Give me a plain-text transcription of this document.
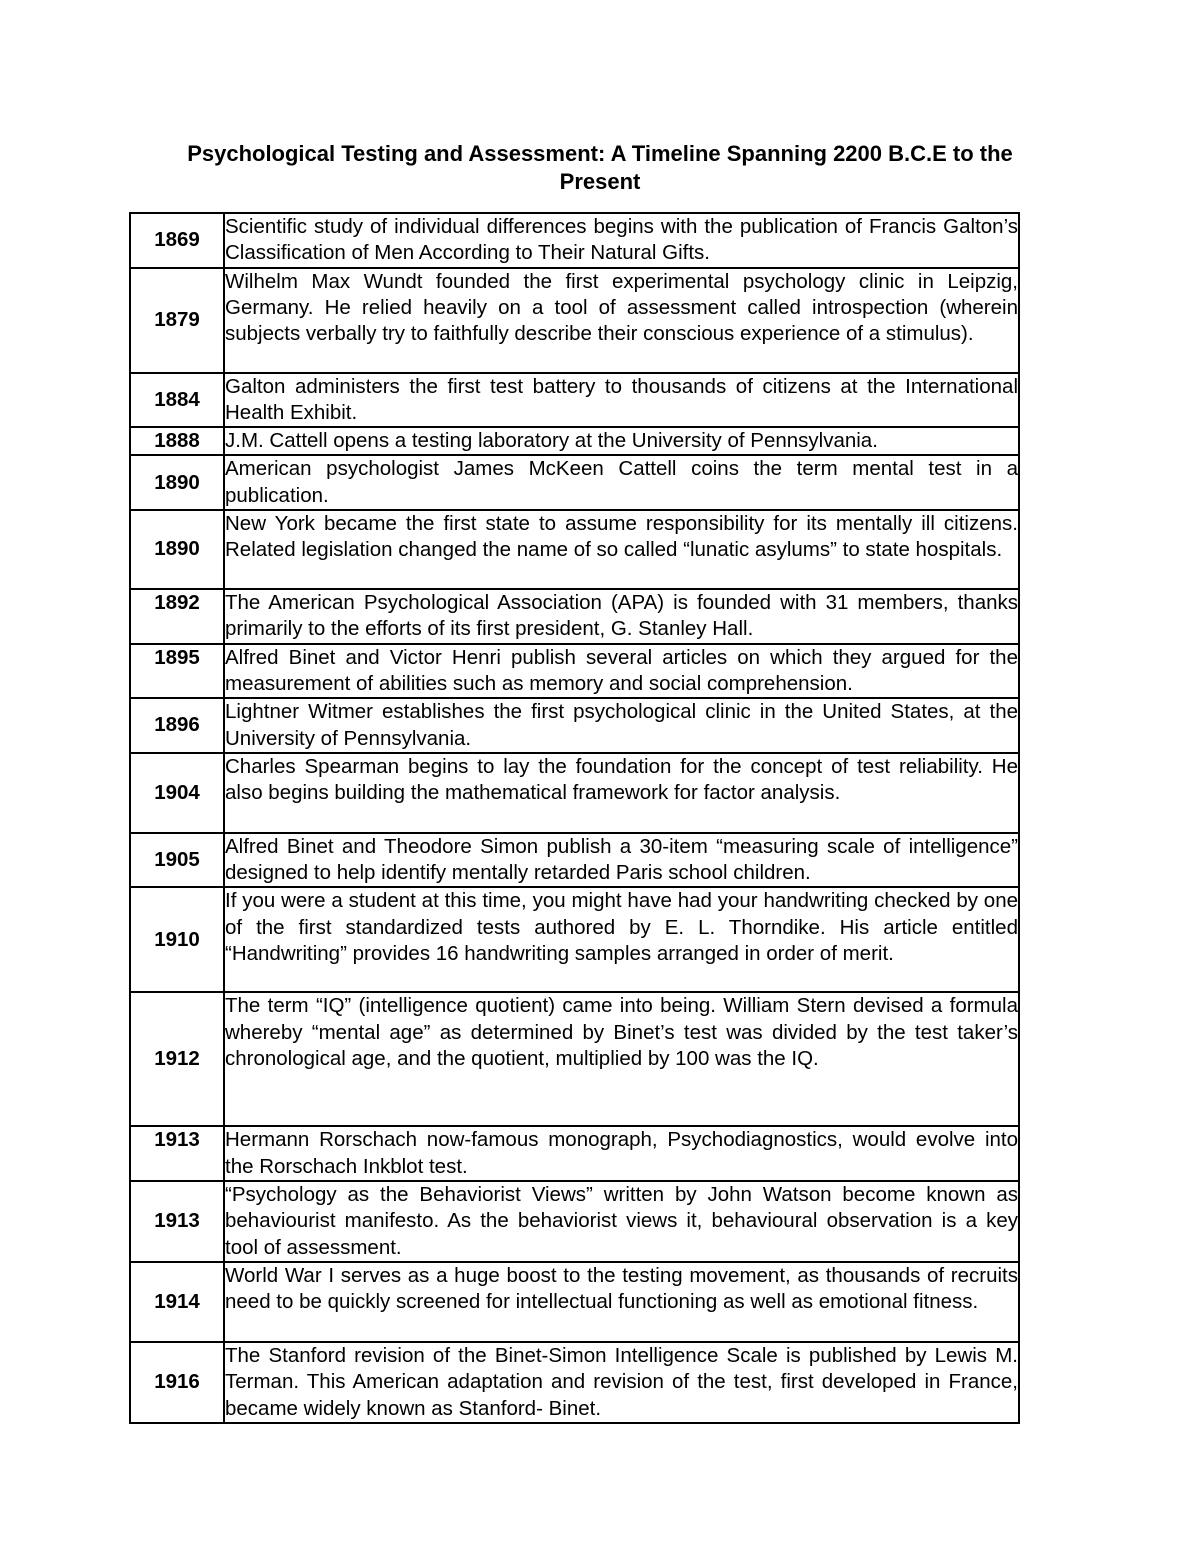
Psychological Testing and Assessment: A Timeline Spanning 2200 B.C.E to the
Present
1869	Scientific study of individual differences begins with the publication of Francis Galton’s Classification of Men According to Their Natural Gifts.
1879	Wilhelm Max Wundt founded the first experimental psychology clinic in Leipzig, Germany. He relied heavily on a tool of assessment called introspection (wherein subjects verbally try to faithfully describe their conscious experience of a stimulus).
1884	Galton administers the first test battery to thousands of citizens at the International Health Exhibit.
1888	J.M. Cattell opens a testing laboratory at the University of Pennsylvania.
1890	American psychologist James McKeen Cattell coins the term mental test in a publication.
1890	New York became the first state to assume responsibility for its mentally ill citizens. Related legislation changed the name of so called “lunatic asylums” to state hospitals.
1892	The American Psychological Association (APA) is founded with 31 members, thanks primarily to the efforts of its first president, G. Stanley Hall.
1895	Alfred Binet and Victor Henri publish several articles on which they argued for the measurement of abilities such as memory and social comprehension.
1896	Lightner Witmer establishes the first psychological clinic in the United States, at the University of Pennsylvania.
1904	Charles Spearman begins to lay the foundation for the concept of test reliability. He also begins building the mathematical framework for factor analysis.
1905	Alfred Binet and Theodore Simon publish a 30-item “measuring scale of intelligence” designed to help identify mentally retarded Paris school children.
1910	If you were a student at this time, you might have had your handwriting checked by one of the first standardized tests authored by E. L. Thorndike. His article entitled “Handwriting” provides 16 handwriting samples arranged in order of merit.
1912	The term “IQ” (intelligence quotient) came into being. William Stern devised a formula whereby “mental age” as determined by Binet’s test was divided by the test taker’s chronological age, and the quotient, multiplied by 100 was the IQ.
1913	Hermann Rorschach now-famous monograph, Psychodiagnostics, would evolve into the Rorschach Inkblot test.
1913	“Psychology as the Behaviorist Views” written by John Watson become known as behaviourist manifesto. As the behaviorist views it, behavioural observation is a key tool of assessment.
1914	World War I serves as a huge boost to the testing movement, as thousands of recruits need to be quickly screened for intellectual functioning as well as emotional fitness.
1916	The Stanford revision of the Binet-Simon Intelligence Scale is published by Lewis M. Terman. This American adaptation and revision of the test, first developed in France, became widely known as Stanford- Binet.
